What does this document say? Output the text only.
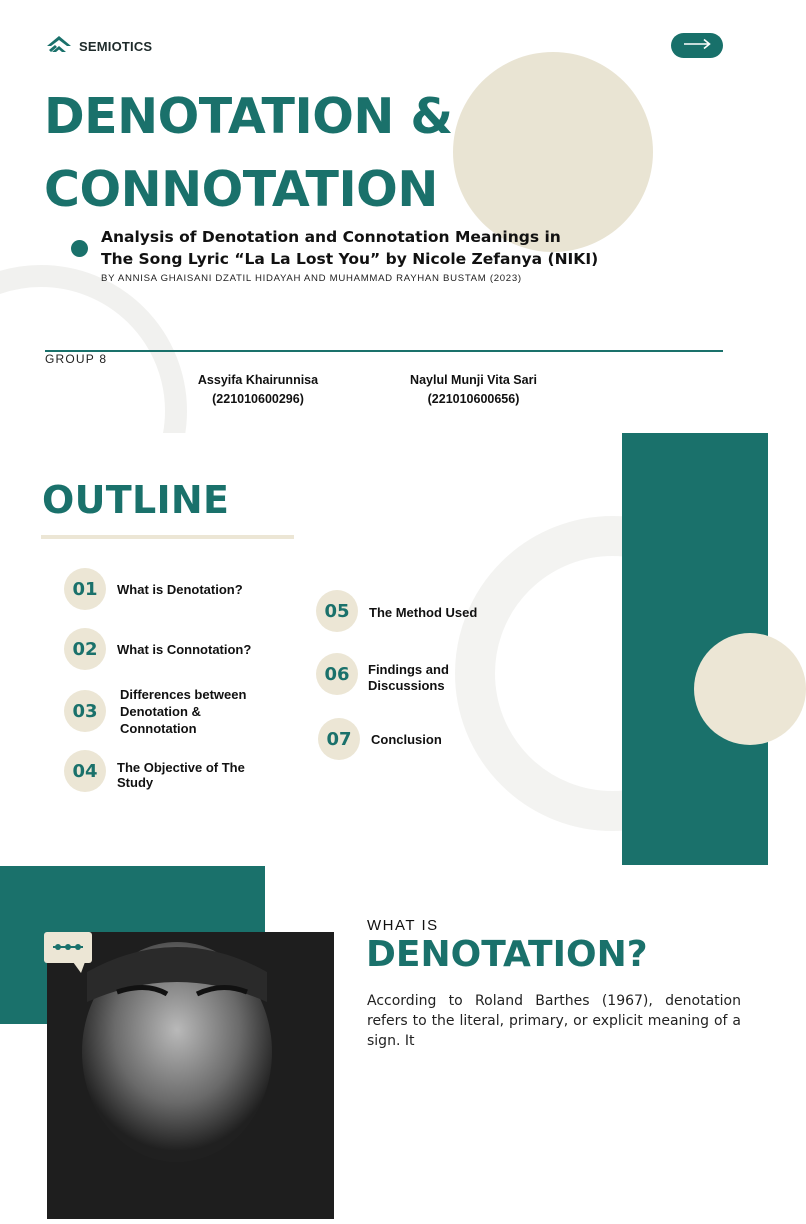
SEMIOTICS
DENOTATION &
CONNOTATION

Analysis of Denotation and Connotation Meanings in
The Song Lyric “La La Lost You” by Nicole Zefanya (NIKI)

BY ANNISA GHAISANI DZATIL HIDAYAH AND MUHAMMAD RAYHAN BUSTAM (2023)
GROUP 8
Assyifa Khairunnisa
(221010600296)
Naylul Munji Vita Sari
(221010600656)
OUTLINE
01	What is Denotation?
02	What is Connotation?
03
Differences between
Denotation &
Connotation
04	The Objective of The
Study
05	The Method Used
06	Findings and
Discussions
07	Conclusion
WHAT IS
DENOTATION?

According to Roland Barthes (1967), denotation refers to the literal, primary, or explicit meaning of a sign. It
